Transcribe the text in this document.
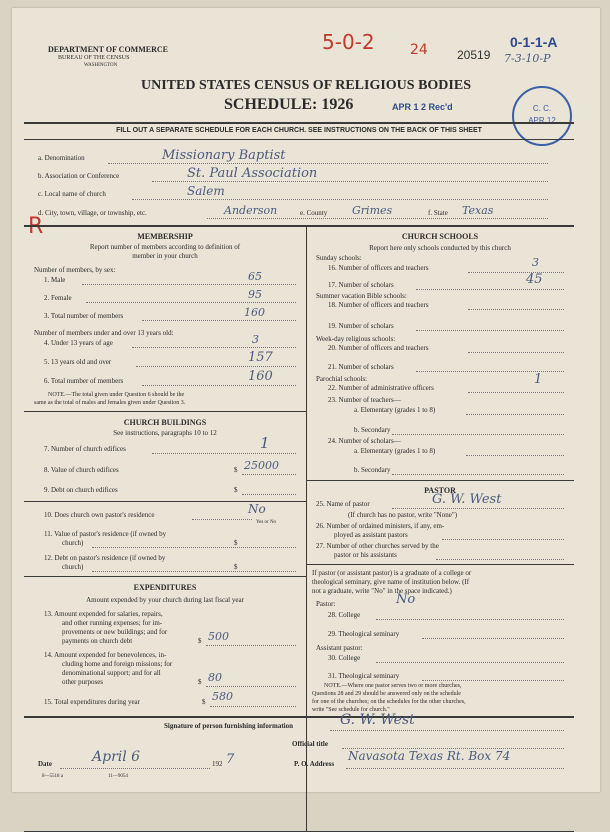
DEPARTMENT OF COMMERCE
BUREAU OF THE CENSUS
WASHINGTON
5-0-2	24 20519
0-1-1-A
7-3-10-P
UNITED STATES CENSUS OF RELIGIOUS BODIES
SCHEDULE: 1926	APR 1 2 Rec'd	C. C.
APR 12
FILL OUT A SEPARATE SCHEDULE FOR EACH CHURCH. SEE INSTRUCTIONS ON THE BACK OF THIS SHEET
a. Denomination	Missionary Baptist
b. Association or Conference	St. Paul Association
c. Local name of church	Salem
d. City, town, village, or township, etc.	Anderson	e. County Grimes	f. State Texas
R	MEMBERSHIP
Report number of members according to definition of
member in your church
Number of members, by sex:
1. Male	65
2. Female	95
3. Total number of members	160
Number of members under and over 13 years old:
4. Under 13 years of age	3
5. 13 years old and over	157
6. Total number of members	160
NOTE.—The total given under Question 6 should be the
same as the total of males and females given under Question 3.
CHURCH BUILDINGS
See instructions, paragraphs 10 to 12
7. Number of church edifices	1
8. Value of church edifices	$ 25000
9. Debt on church edifices	$
10. Does church own pastor's residence	No
Yes or No
11. Value of pastor's residence (if owned by
church)	$
12. Debt on pastor's residence (if owned by
church)	$
EXPENDITURES
Amount expended by your church during last fiscal year
13. Amount expended for salaries, repairs,
and other running expenses; for im-
provements or new buildings; and for
payments on church debt	$ 500
14. Amount expended for benevolences, in-
cluding home and foreign missions; for
denominational support; and for all
other purposes	$ 80
15. Total expenditures during year	$ 580
CHURCH SCHOOLS
Report here only schools conducted by this church
Sunday schools:
16. Number of officers and teachers	3
17. Number of scholars	45
Summer vacation Bible schools:
18. Number of officers and teachers
19. Number of scholars
Week-day religious schools:
20. Number of officers and teachers
21. Number of scholars
Parochial schools:
22. Number of administrative officers
1
23. Number of teachers—
a. Elementary (grades 1 to 8)
b. Secondary
24. Number of scholars—
a. Elementary (grades 1 to 8)
b. Secondary
PASTOR
25. Name of pastor	G. W. West
(If church has no pastor, write "None")
26. Number of ordained ministers, if any, em-
ployed as assistant pastors
27. Number of other churches served by the
pastor or his assistants
If pastor (or assistant pastor) is a graduate of a college or
theological seminary, give name of institution below. (If
not a graduate, write "No" in the space indicated.)
Pastor:	No
28. College
29. Theological seminary
Assistant pastor:
30. College
31. Theological seminary
NOTE.—Where one pastor serves two or more churches,
Questions 28 and 29 should be answered only on the schedule
for one of the churches; on the schedules for the other churches,
write "See schedule for church."
Signature of person furnishing information	G. W. West
Official title
Date	April 6	192 7	P. O. Address
Navasota Texas Rt. Box 74
8—5518 a	11—9054
